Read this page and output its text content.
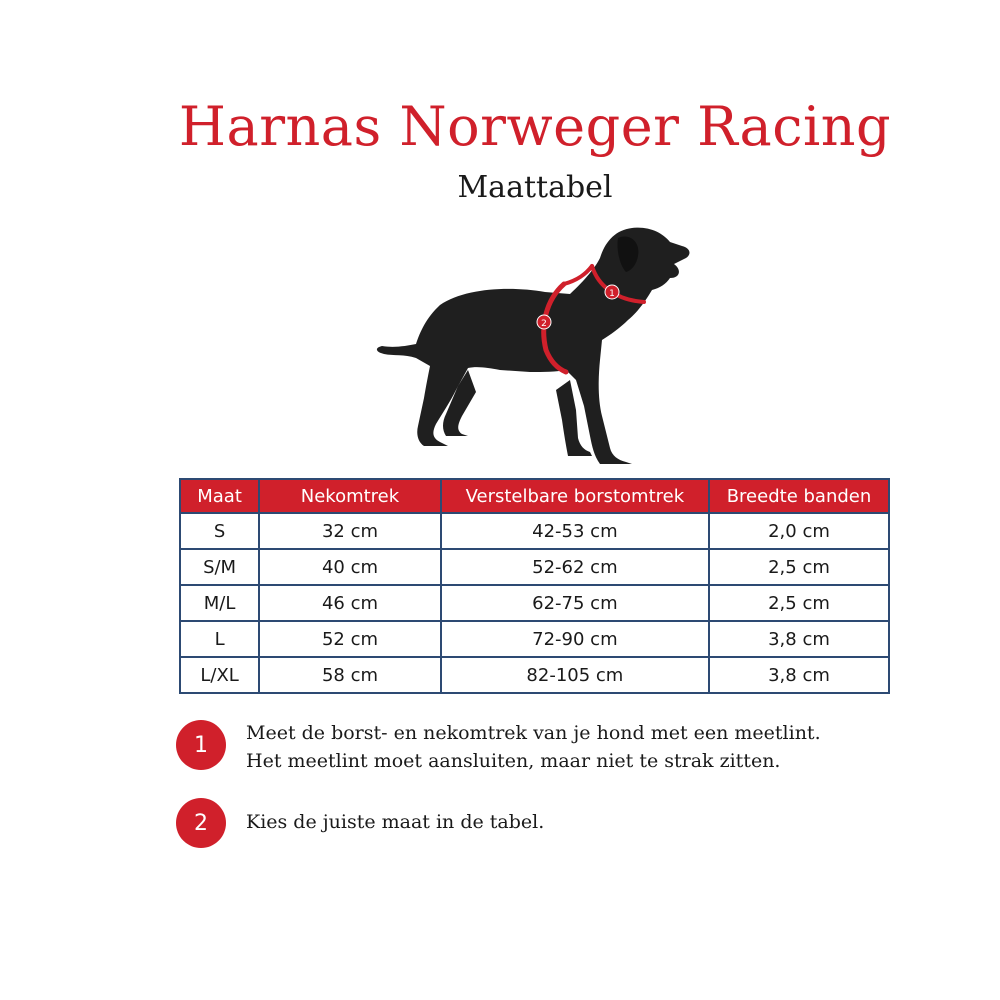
Harnas Norweger Racing
Maattabel
1
2
Maat	Nekomtrek	Verstelbare borstomtrek	Breedte banden
S	32 cm	42-53 cm	2,0 cm
S/M	40 cm	52-62 cm	2,5 cm
M/L	46 cm	62-75 cm	2,5 cm
L	52 cm	72-90 cm	3,8 cm
L/XL	58 cm	82-105 cm	3,8 cm
1	Meet de borst- en nekomtrek van je hond met een meetlint.
Het meetlint moet aansluiten, maar niet te strak zitten.
2	Kies de juiste maat in de tabel.
